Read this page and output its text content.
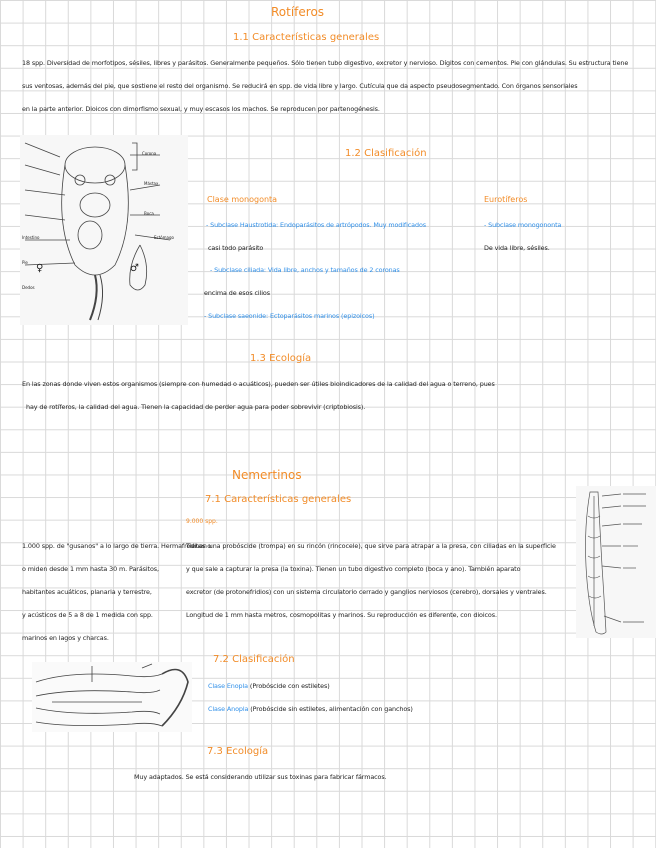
Rotíferos
1.1 Características generales
18 spp. Diversidad de morfotipos, sésiles, libres y parásitos. Generalmente pequeños. Sólo tienen tubo digestivo, excretor y nervioso. Dígitos con cementos. Pie con glándulas. Su estructura tiene
sus ventosas, además del pie, que sostiene el resto del organismo. Se reducirá en spp. de vida libre y largo. Cutícula que da aspecto pseudosegmentado. Con órganos sensoriales
en la parte anterior. Dioicos con dimorfismo sexual, y muy escasos los machos. Se reproducen por partenogénesis.
Corona
Mástax
Boca
Estómago
Intestino
Pie
Dedos
♀	♂
1.2 Clasificación
Clase monogonta
- Subclase Haustrotida: Endoparásitos de artrópodos. Muy modificados
casi todo parásito
- Subclase ciliada: Vida libre, anchos y tamaños de 2 coronas
encima de esos cilios
- Subclase saeonide: Ectoparásitos marinos (epizoicos)
Eurotíferos
- Subclase monogononta
De vida libre, sésiles.
1.3 Ecología
En las zonas donde viven estos organismos (siempre con humedad o acuáticos), pueden ser útiles bioindicadores de la calidad del agua o terreno, pues
hay de rotíferos, la calidad del agua. Tienen la capacidad de perder agua para poder sobrevivir (criptobiosis).
Nemertinos
7.1 Características generales
9.000 spp.
1.000 spp. de "gusanos" a lo largo de tierra. Hermafroditas o
o miden desde 1 mm hasta 30 m. Parásitos,
habitantes acuáticos, planaria y terrestre,
y acústicos de 5 a 8 de 1 medida con spp.
marinos en lagos y charcas.
Tienen una probóscide (trompa) en su rincón (rincocele), que sirve para atrapar a la presa, con ciliadas en la superficie
y que sale a capturar la presa (la toxina). Tienen un tubo digestivo completo (boca y ano). También aparato
excretor (de protonefridios) con un sistema circulatorio cerrado y ganglios nerviosos (cerebro), dorsales y ventrales.
Longitud de 1 mm hasta metros, cosmopolitas y marinos. Su reproducción es diferente, con dioicos.
7.2 Clasificación
Clase Enopla (Probóscide con estiletes)
Clase Anopla (Probóscide sin estiletes, alimentación con ganchos)
7.3 Ecología
Muy adaptados. Se está considerando utilizar sus toxinas para fabricar fármacos.
